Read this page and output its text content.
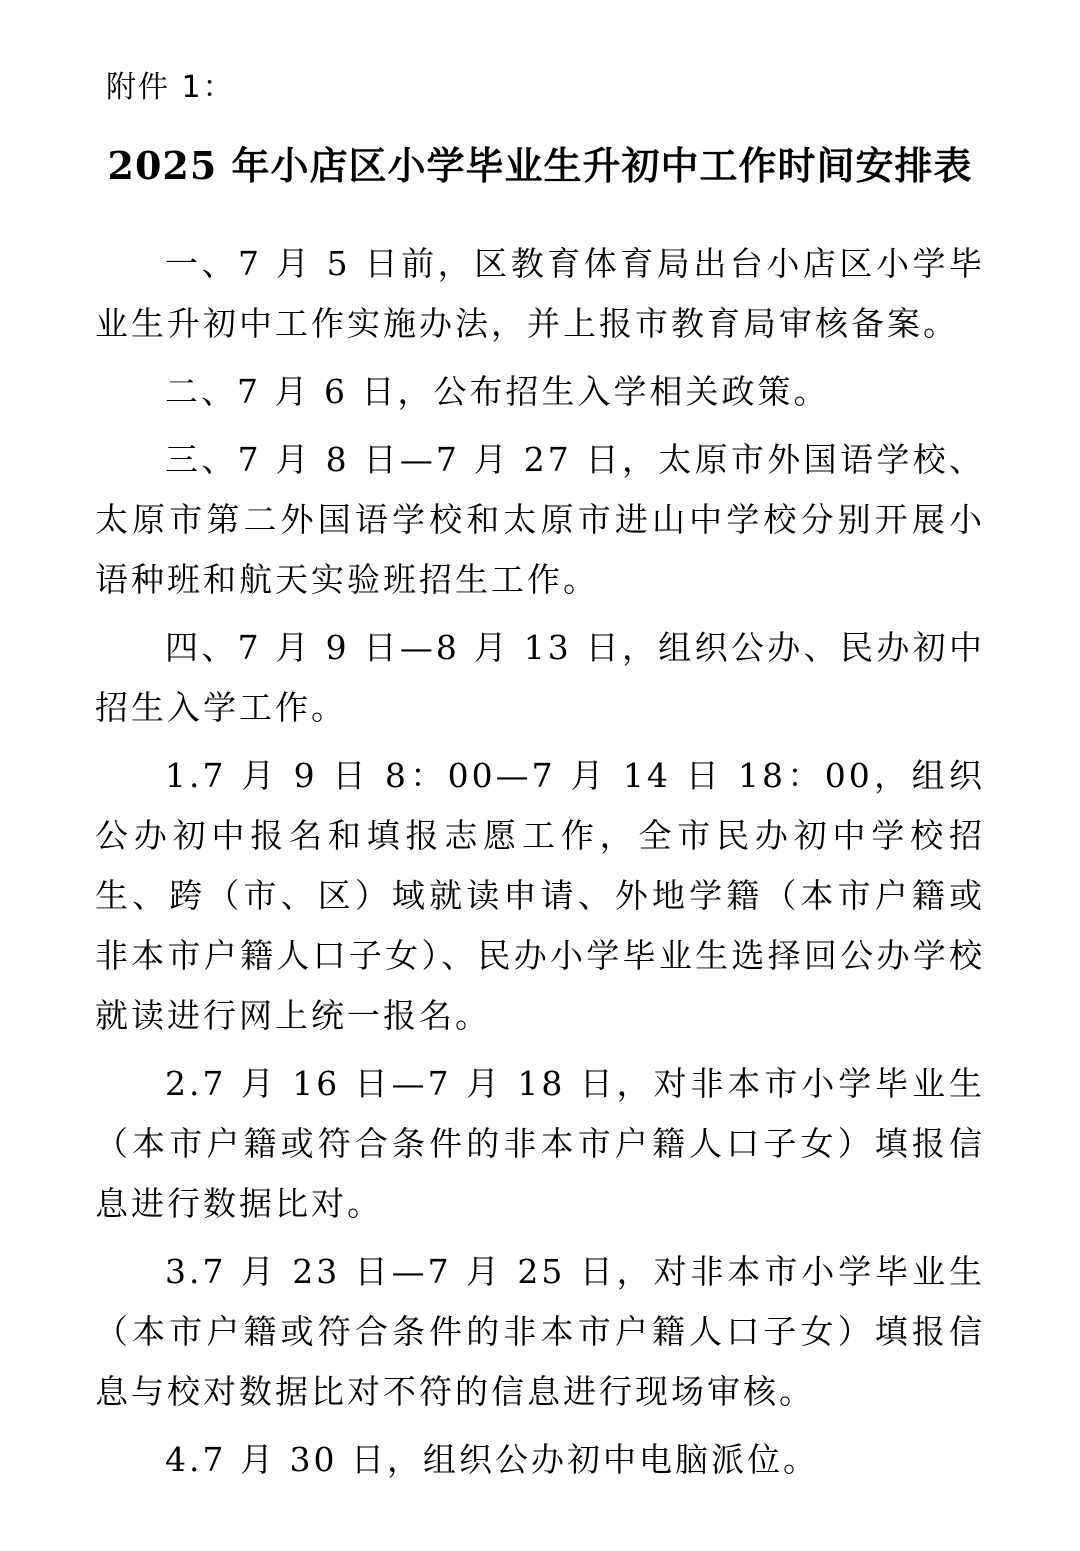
附件 1：
2025 年小店区小学毕业生升初中工作时间安排表

一、7 月 5 日前，区教育体育局出台小店区小学毕业生升初中工作实施办法，并上报市教育局审核备案。

二、7 月 6 日，公布招生入学相关政策。

三、7 月 8 日—7 月 27 日，太原市外国语学校、太原市第二外国语学校和太原市进山中学校分别开展小语种班和航天实验班招生工作。

四、7 月 9 日—8 月 13 日，组织公办、民办初中招生入学工作。

1.7 月 9 日 8：00—7 月 14 日 18：00，组织公办初中报名和填报志愿工作，全市民办初中学校招生、跨（市、区）域就读申请、外地学籍（本市户籍或非本市户籍人口子女）、民办小学毕业生选择回公办学校就读进行网上统一报名。

2.7 月 16 日—7 月 18 日，对非本市小学毕业生（本市户籍或符合条件的非本市户籍人口子女）填报信息进行数据比对。

3.7 月 23 日—7 月 25 日，对非本市小学毕业生（本市户籍或符合条件的非本市户籍人口子女）填报信息与校对数据比对不符的信息进行现场审核。

4.7 月 30 日，组织公办初中电脑派位。
